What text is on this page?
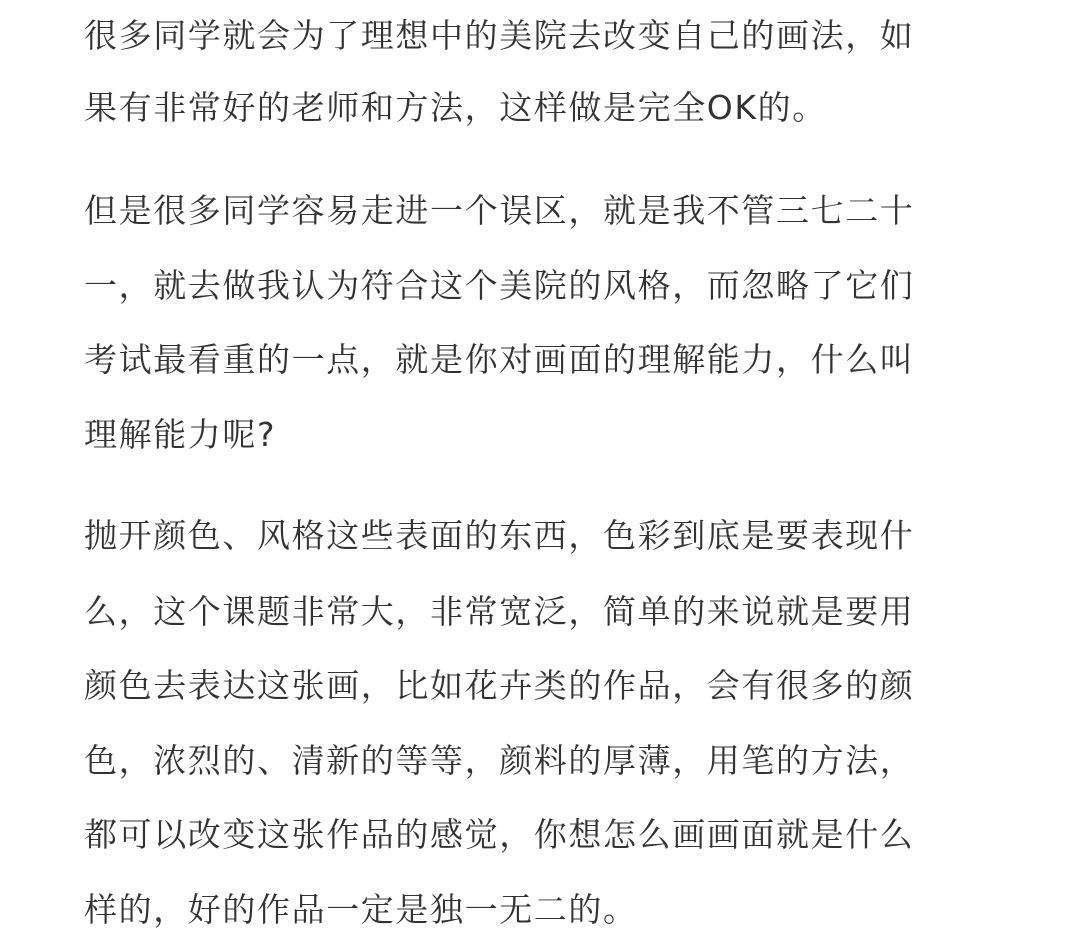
很多同学就会为了理想中的美院去改变自己的画法，如
果有非常好的老师和方法，这样做是完全OK的。
但是很多同学容易走进一个误区，就是我不管三七二十
一，就去做我认为符合这个美院的风格，而忽略了它们
考试最看重的一点，就是你对画面的理解能力，什么叫
理解能力呢?
抛开颜色、风格这些表面的东西，色彩到底是要表现什
么，这个课题非常大，非常宽泛，简单的来说就是要用
颜色去表达这张画，比如花卉类的作品，会有很多的颜
色，浓烈的、清新的等等，颜料的厚薄，用笔的方法，
都可以改变这张作品的感觉，你想怎么画画面就是什么
样的，好的作品一定是独一无二的。
